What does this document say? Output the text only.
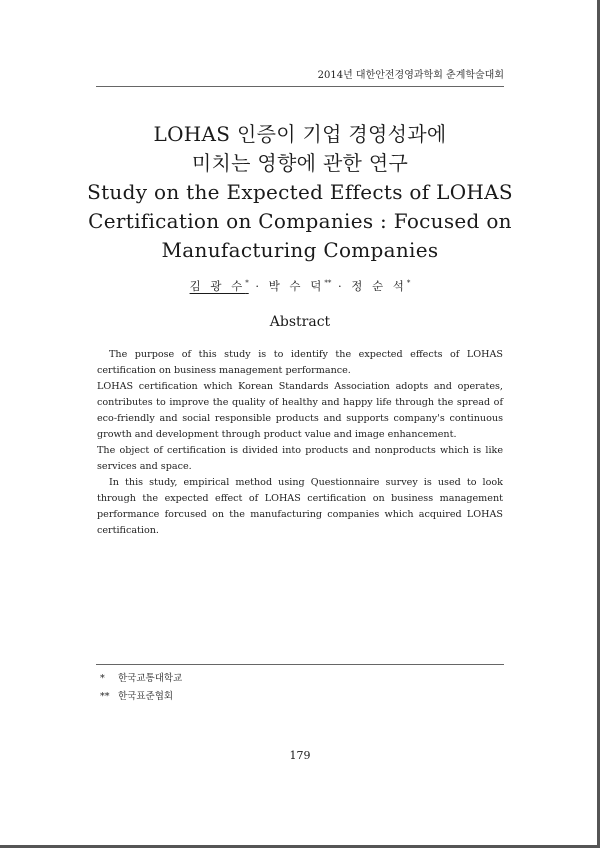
2014년 대한안전경영과학회 춘계학술대회
LOHAS 인증이 기업 경영성과에
미치는 영향에 관한 연구
Study on the Expected Effects of LOHAS
Certification on Companies : Focused on
Manufacturing Companies
김 광 수* · 박 수 덕** · 정 순 석*
Abstract

The purpose of this study is to identify the expected effects of LOHAS certification on business management performance.

LOHAS certification which Korean Standards Association adopts and operates, contributes to improve the quality of healthy and happy life through the spread of eco-friendly and social responsible products and supports company's continuous growth and development through product value and image enhancement.

The object of certification is divided into products and nonproducts which is like services and space.

In this study, empirical method using Questionnaire survey is used to look through the expected effect of LOHAS certification on business management performance forcused on the manufacturing companies which acquired LOHAS certification.

* 한국교통대학교
** 한국표준협회
179
